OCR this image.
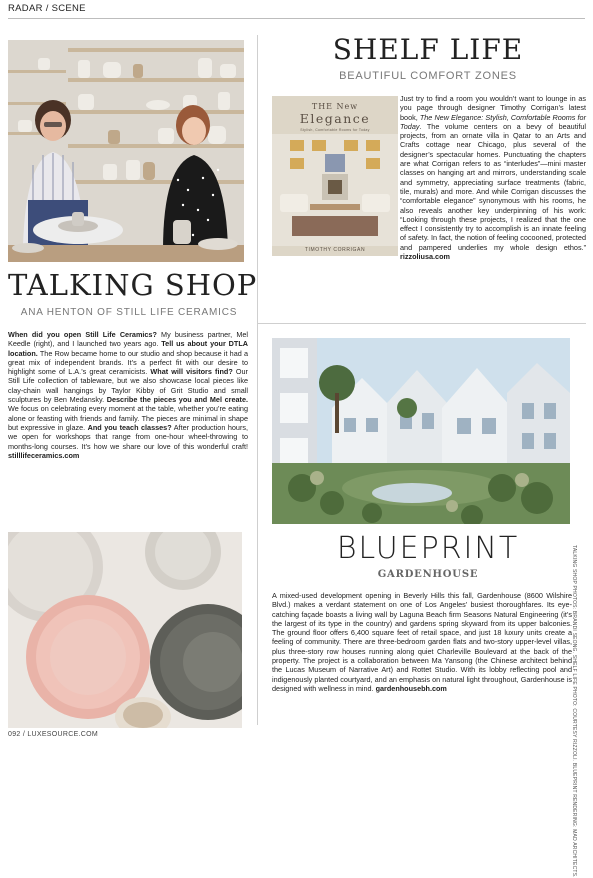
RADAR / SCENE
TALKING SHOP
ANA HENTON OF STILL LIFE CERAMICS
When did you open Still Life Ceramics? My business partner, Mel Keedle (right), and I launched two years ago. Tell us about your DTLA location. The Row became home to our studio and shop because it had a great mix of independent brands. It’s a perfect fit with our desire to highlight some of L.A.’s great ceramicists. What will visitors find? Our Still Life collection of tableware, but we also showcase local pieces like clay-chain wall hangings by Taylor Kibby of Grit Studio and small sculptures by Ben Medansky. Describe the pieces you and Mel create. We focus on celebrating every moment at the table, whether you’re eating alone or feasting with friends and family. The pieces are minimal in shape but expressive in glaze. And you teach classes? After production hours, we open for workshops that range from one-hour wheel-throwing to months-long courses. It’s how we share our love of this wonderful craft! stilllifeceramics.com
SHELF LIFE
BEAUTIFUL COMFORT ZONES
THE New
Elegance
Stylish, Comfortable Rooms for Today
TIMOTHY CORRIGAN
Just try to find a room you wouldn’t want to lounge in as you page through designer Timothy Corrigan’s latest book, The New Elegance: Stylish, Comfortable Rooms for Today. The volume centers on a bevy of beautiful projects, from an ornate villa in Qatar to an Arts and Crafts cottage near Chicago, plus several of the designer’s spectacular homes. Punctuating the chapters are what Corrigan refers to as “interludes”—mini master classes on hanging art and mirrors, understanding scale and symmetry, appreciating surface treatments (fabric, tile, murals) and more. And while Corrigan discusses the “comfortable elegance” synonymous with his rooms, he also reveals another key underpinning of his work: “Looking through these projects, I realized that the one effect I consistently try to accomplish is an innate feeling of safety. In fact, the notion of feeling cocooned, protected and pampered underlies my whole design ethos.” rizzoliusa.com
BLUEPRINT
GARDENHOUSE
A mixed-used development opening in Beverly Hills this fall, Gardenhouse (8600 Wilshire Blvd.) makes a verdant statement on one of Los Angeles’ busiest thoroughfares. Its eye-catching façade boasts a living wall by Laguna Beach firm Seasons Natural Engineering (it’s the largest of its type in the country) and gardens spring skyward from its upper balconies. The ground floor offers 6,400 square feet of retail space, and just 18 luxury units create a feeling of community. There are three-bedroom garden flats and two-story upper-level villas, plus three-story row houses running along quiet Charleville Boulevard at the back of the property. The project is a collaboration between Ma Yansong (the Chinese architect behind the Lucas Museum of Narrative Art) and Rottet Studio. With its lobby reflecting pool and indigenously planted courtyard, and an emphasis on natural light throughout, Gardenhouse is designed with wellness in mind. gardenhousebh.com	TALKING SHOP PHOTOS: BRANDI SEONG. SHELF LIFE PHOTO: COURTESY RIZZOLI. BLUEPRINT RENDERING: MAD ARCHITECTS.
092 / LUXESOURCE.COM
